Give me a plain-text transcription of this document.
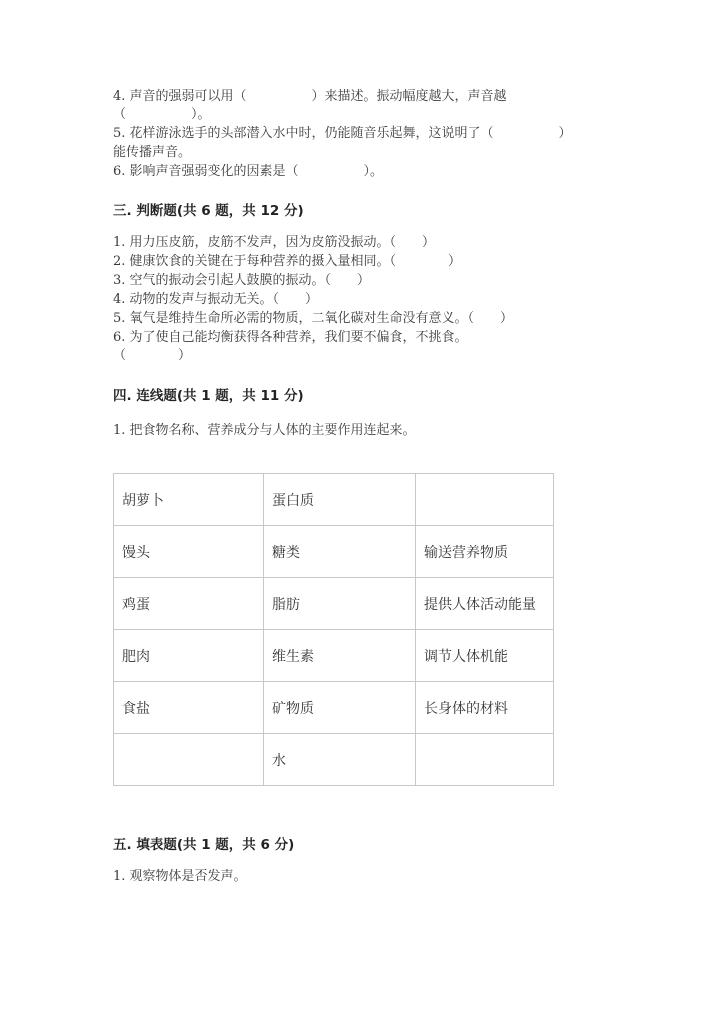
4. 声音的强弱可以用（　　　　　）来描述。振动幅度越大，声音越
（　　　　　）。
5. 花样游泳选手的头部潜入水中时，仍能随音乐起舞，这说明了（　　　　　）
能传播声音。
6. 影响声音强弱变化的因素是（　　　　　）。
三. 判断题(共 6 题，共 12 分)
1. 用力压皮筋，皮筋不发声，因为皮筋没振动。（　　）
2. 健康饮食的关键在于每种营养的摄入量相同。（　　　　）
3. 空气的振动会引起人鼓膜的振动。（　　）
4. 动物的发声与振动无关。（　　）
5. 氧气是维持生命所必需的物质，二氧化碳对生命没有意义。（　　）
6. 为了使自己能均衡获得各种营养，我们要不偏食，不挑食。
（　　　　）
四. 连线题(共 1 题，共 11 分)
1. 把食物名称、营养成分与人体的主要作用连起来。
胡萝卜	蛋白质	
馒头	糖类	输送营养物质
鸡蛋	脂肪	提供人体活动能量
肥肉	维生素	调节人体机能
食盐	矿物质	长身体的材料
	水	
五. 填表题(共 1 题，共 6 分)
1. 观察物体是否发声。
